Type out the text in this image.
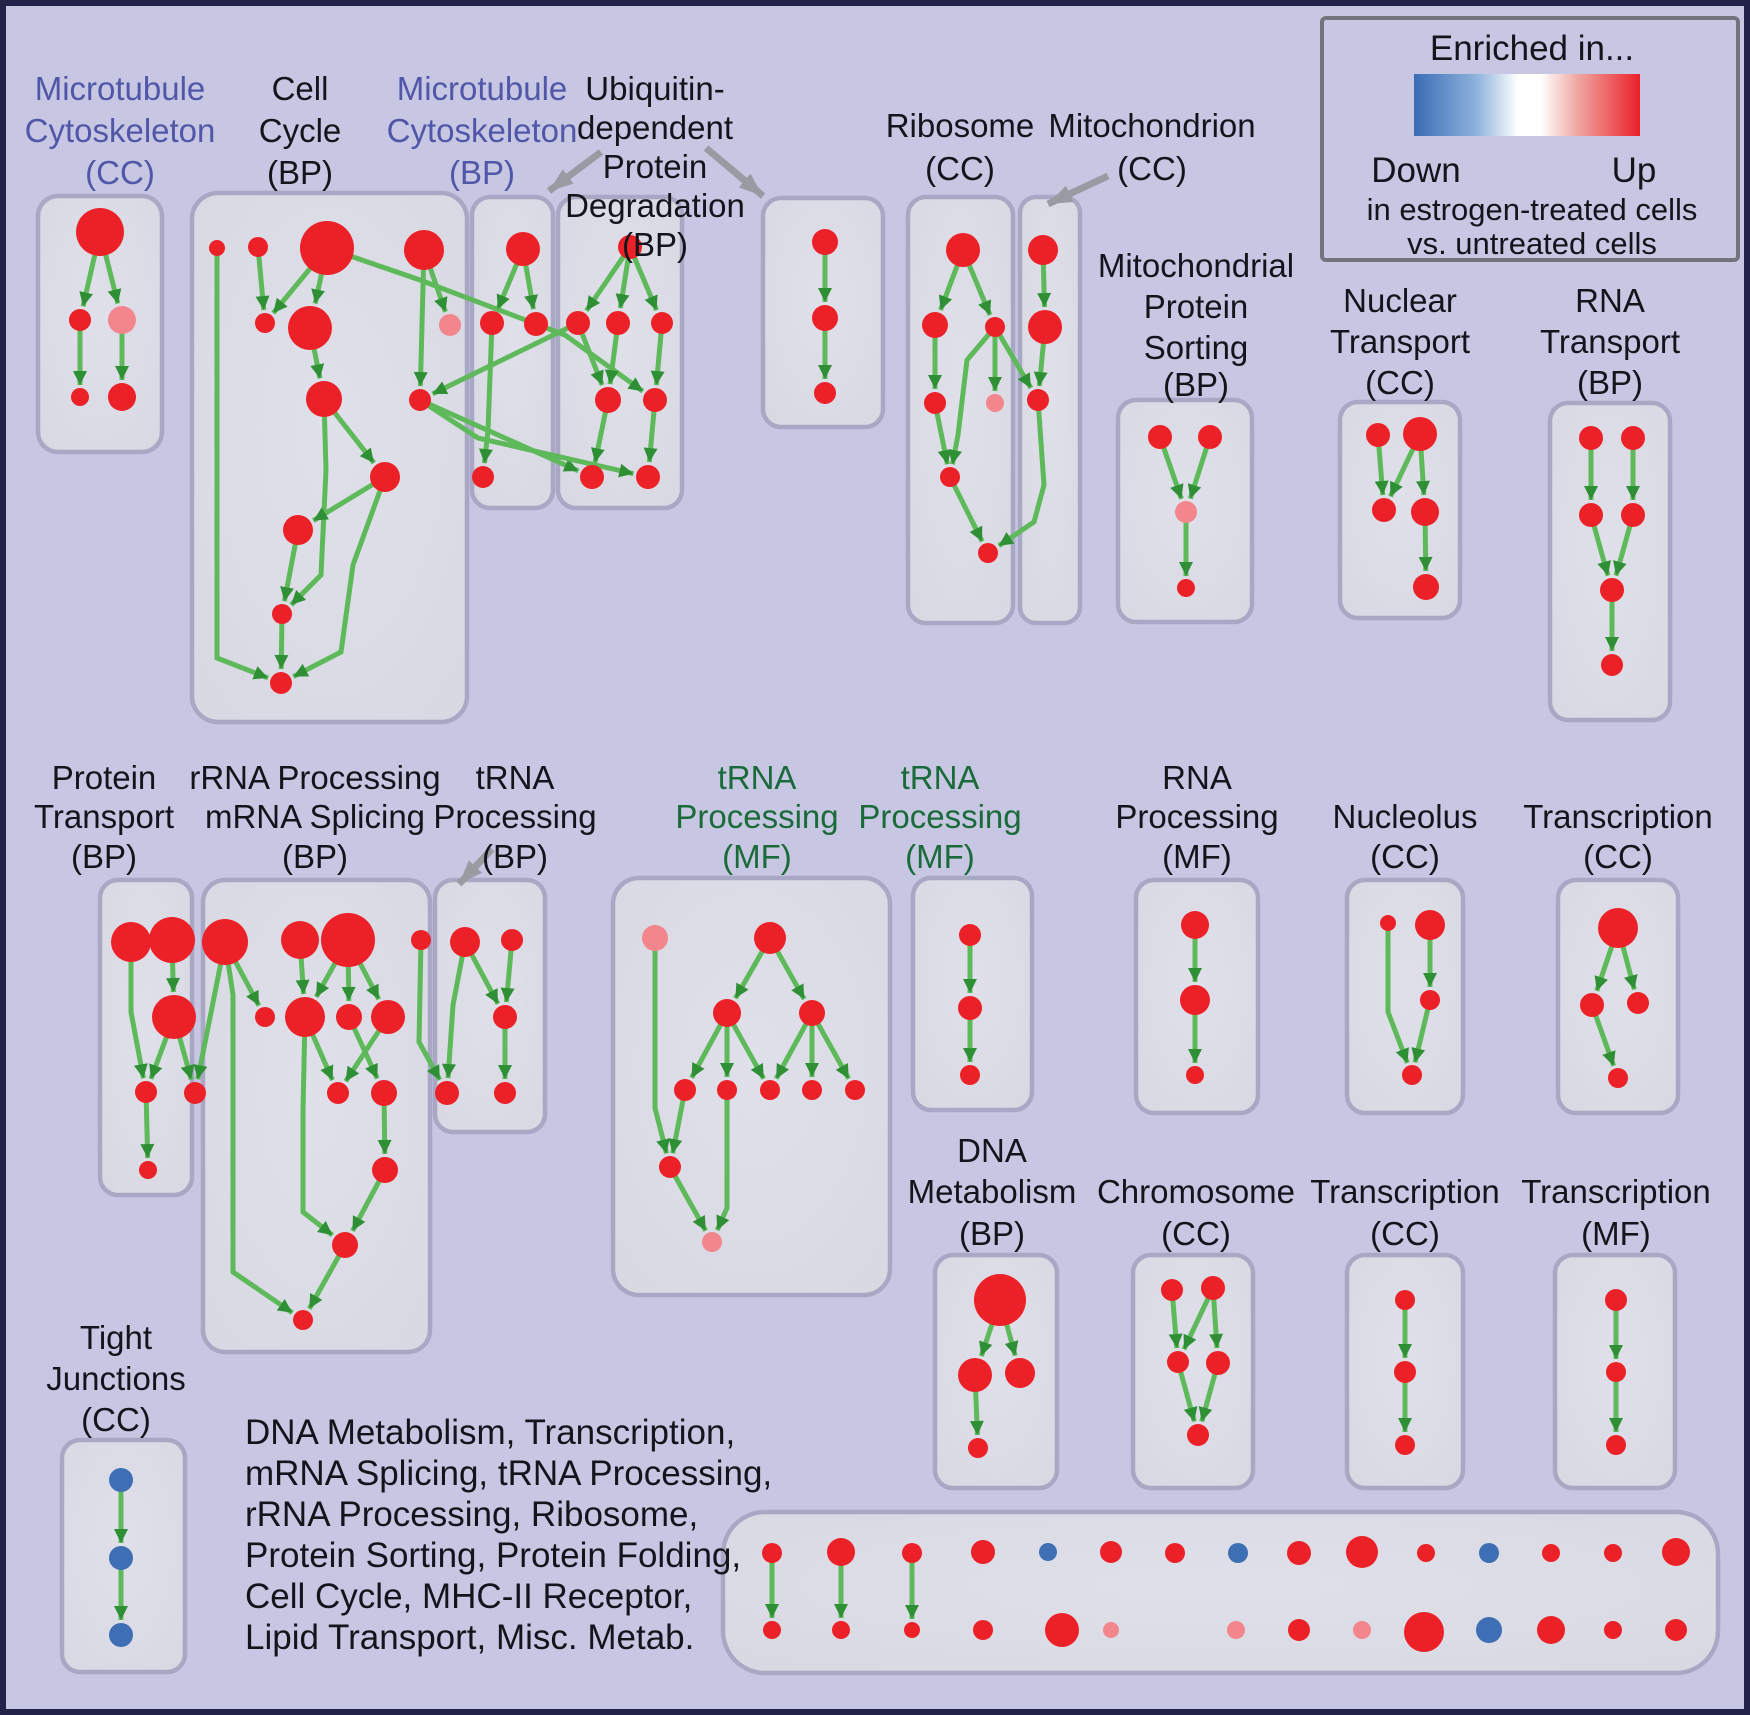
Microtubule
Cytoskeleton
(CC)
Cell
Cycle
(BP)
Microtubule
Cytoskeleton
(BP)
Ubiquitin-
dependent
Protein
Degradation
(BP)
Ribosome
(CC)
Mitochondrion
(CC)
Mitochondrial
Protein
Sorting
(BP)
Nuclear
Transport
(CC)
RNA
Transport
(BP)
Protein
Transport
(BP)
rRNA Processing
mRNA Splicing
(BP)
tRNA
Processing
(BP)
tRNA
Processing
(MF)
tRNA
Processing
(MF)
RNA
Processing
(MF)
Nucleolus
(CC)
Transcription
(CC)
DNA
Metabolism
(BP)
Chromosome
(CC)
Transcription
(CC)
Transcription
(MF)
Tight
Junctions
(CC)	DNA Metabolism, Transcription,
mRNA Splicing, tRNA Processing,
rRNA Processing, Ribosome,
Protein Sorting, Protein Folding,
Cell Cycle, MHC-II Receptor,
Lipid Transport, Misc. Metab.
Enriched in...
Down	Up
in estrogen-treated cells
vs. untreated cells
